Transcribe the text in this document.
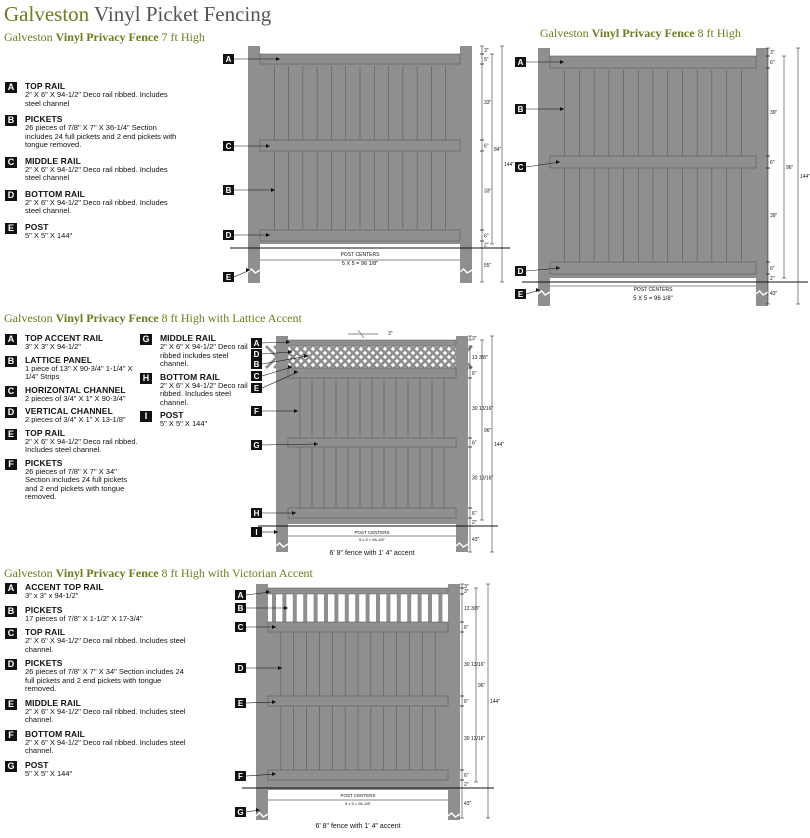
Galveston Vinyl Picket Fencing
Galveston Vinyl Privacy Fence 7 ft High	Galveston Vinyl Privacy Fence 8 ft High
Galveston Vinyl Privacy Fence 8 ft High with Lattice Accent
Galveston Vinyl Privacy Fence 8 ft High with Victorian Accent
A	TOP RAIL
2" X 6" X 94-1/2" Deco rail ribbed. Includes steel channel
B	PICKETS
26 pieces of 7/8" X 7" X 36-1/4" Section includes 24 full pickets and 2 end pickets with tongue removed.
C	MIDDLE RAIL
2" X 6" X 94-1/2" Deco rail ribbed. Includes steel channel
D	BOTTOM RAIL
2" X 6" X 94-1/2" Deco rail ribbed. Includes steel channel.
E	POST
5" X 5" X 144"
A	TOP ACCENT RAIL
3" X 3" X 94-1/2"
B	LATTICE PANEL
1 piece of 13" X 90-3/4" 1-1/4" X 1/4" Strips
C	HORIZONTAL CHANNEL
2 pieces of 3/4" X 1" X 90-3/4"
D	VERTICAL CHANNEL
2 pieces of 3/4" X 1" X 13-1/8"
E	TOP RAIL
2" X 6" X 94-1/2" Deco rail ribbed. Includes steel channel.
F	PICKETS
26 pieces of 7/8" X 7" X 34" Section includes 24 full pickets and 2 end pickets with tongue removed.
G MIDDLE RAIL
2" X 6" X 94-1/2" Deco rail ribbed includes steel channel.
H	BOTTOM RAIL
2" X 6" X 94-1/2" Deco rail ribbed. Includes steel channel.
I	POST
5" X 5" X 144"
A	ACCENT TOP RAIL
3" x 3" x 94-1/2"
B	PICKETS
17 pieces of 7/8" X 1-1/2" X 17-3/4"
C	TOP RAIL
2" X 6" X 94-1/2" Deco rail ribbed. Includes steel channel.
D	PICKETS
26 pieces of 7/8" X 7" X 34" Section includes 24 full pickets and 2 end pickets with tongue removed.
E	MIDDLE RAIL
2" X 6" X 94-1/2" Deco rail ribbed. Includes steel channel.
F	BOTTOM RAIL
2" X 6" X 94-1/2" Deco rail ribbed. Includes steel channel.
G POST
5" X 5" X 144"
A
C
B
D
E
3"
5"
33"
33"
6"
6"
2"
55"
84"
144"
POST CENTERS
5 X 5 = 96 1/8"
A
B
C
D
E
3"
6"
39"
6"
39"
6"
2"
43"
96"
144"
POST CENTERS
5 X 5 = 96 1/8"
A
D
B
C
E
F
G
H
I
3"
3"
13 3/8"
6"
30 13/16"
6"
30 13/16"
6"
2"
43"
96"
144"
POST CENTERS
5 x 5 = 96-1/8"
6' 8" fence with 1' 4" accent
A
B
C
D
E
F
G
3"
3"
13 3/8"
6"
30 13/16"
6"
30 13/16"
6"
2"
43"
96"
144"
POST CENTERS
5 x 5 = 96-1/8"
6' 8" fence with 1' 4" accent
